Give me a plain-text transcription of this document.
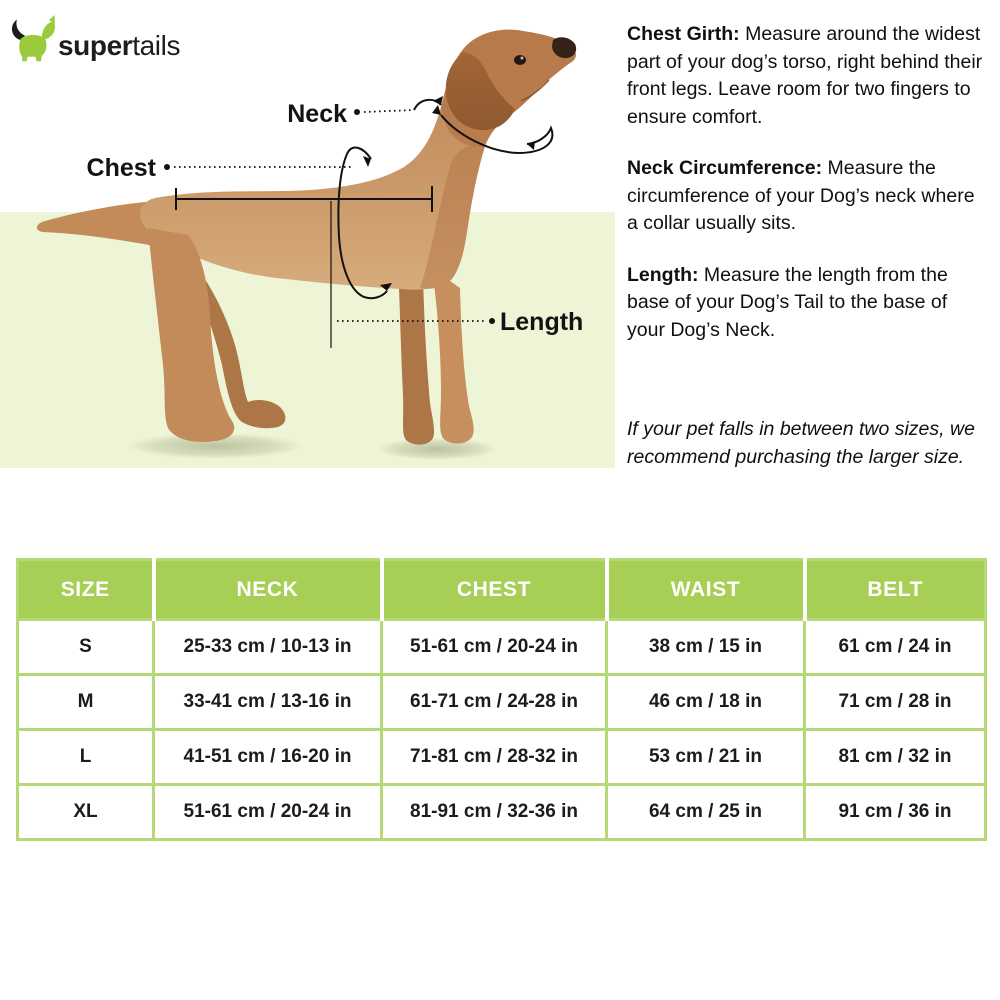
Neck
Chest
Length
supertails	Chest Girth: Measure around the widest part of your dog’s torso, right behind their front legs. Leave room for two fingers to ensure comfort.

Neck Circumference: Measure the circumference of your Dog’s neck where a collar usually sits.

Length: Measure the length from the base of your Dog’s Tail to the base of your Dog’s Neck.

If your pet falls in between two sizes, we recommend purchasing the larger size.
SIZE	NECK	CHEST	WAIST	BELT
S	25-33 cm / 10-13 in	51-61 cm / 20-24 in	38 cm / 15 in	61 cm / 24 in
M	33-41 cm / 13-16 in	61-71 cm / 24-28 in	46 cm / 18 in	71 cm / 28 in
L	41-51 cm / 16-20 in	71-81 cm / 28-32 in	53 cm / 21 in	81 cm / 32 in
XL	51-61 cm / 20-24 in	81-91 cm / 32-36 in	64 cm / 25 in	91 cm / 36 in
